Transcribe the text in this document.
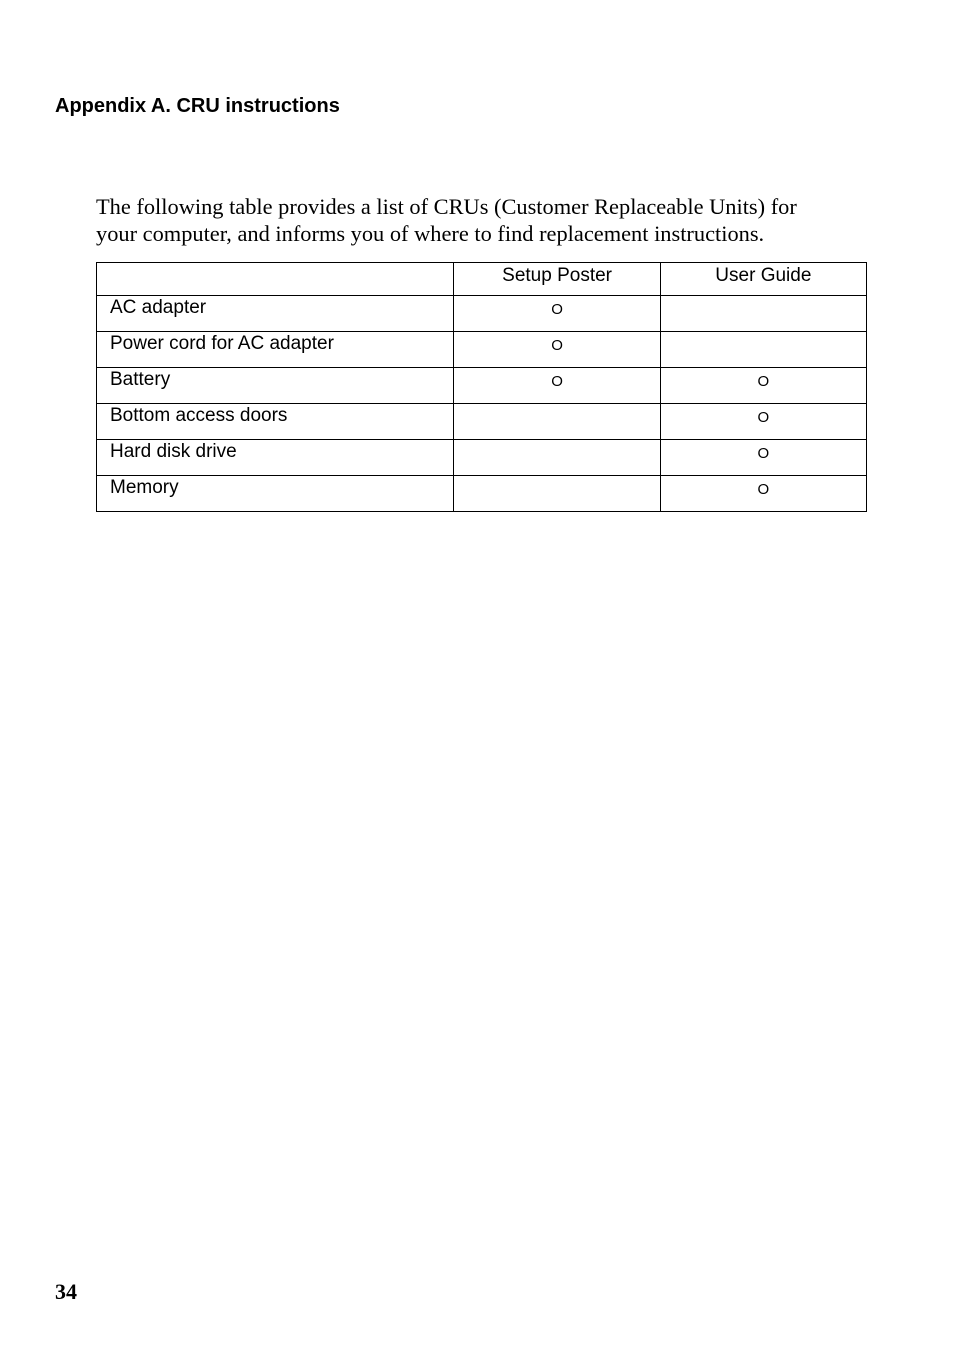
Appendix A. CRU instructions

The following table provides a list of CRUs (Customer Replaceable Units) for
your computer, and informs you of where to find replacement instructions.

	Setup Poster	User Guide
AC adapter	O	
Power cord for AC adapter	O	
Battery	O	O
Bottom access doors		O
Hard disk drive		O
Memory		O
34
